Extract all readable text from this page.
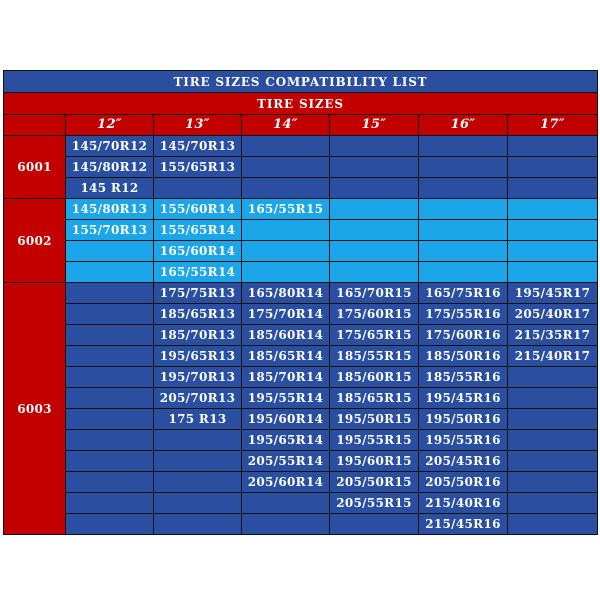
TIRE SIZES COMPATIBILITY LIST						
TIRE SIZES						
	12″	13″	14″	15″	16″	17″
6001	145/70R12	145/70R13				
	145/80R12	155/65R13				
	145 R12					
6002	145/80R13	155/60R14	165/55R15			
	155/70R13	155/65R14				
		165/60R14				
		165/55R14				
6003		175/75R13	165/80R14	165/70R15	165/75R16	195/45R17
		185/65R13	175/70R14	175/60R15	175/55R16	205/40R17
		185/70R13	185/60R14	175/65R15	175/60R16	215/35R17
		195/65R13	185/65R14	185/55R15	185/50R16	215/40R17
		195/70R13	185/70R14	185/60R15	185/55R16	
		205/70R13	195/55R14	185/65R15	195/45R16	
		175 R13	195/60R14	195/50R15	195/50R16	
			195/65R14	195/55R15	195/55R16	
			205/55R14	195/60R15	205/45R16	
			205/60R14	205/50R15	205/50R16	
				205/55R15	215/40R16	
					215/45R16	
